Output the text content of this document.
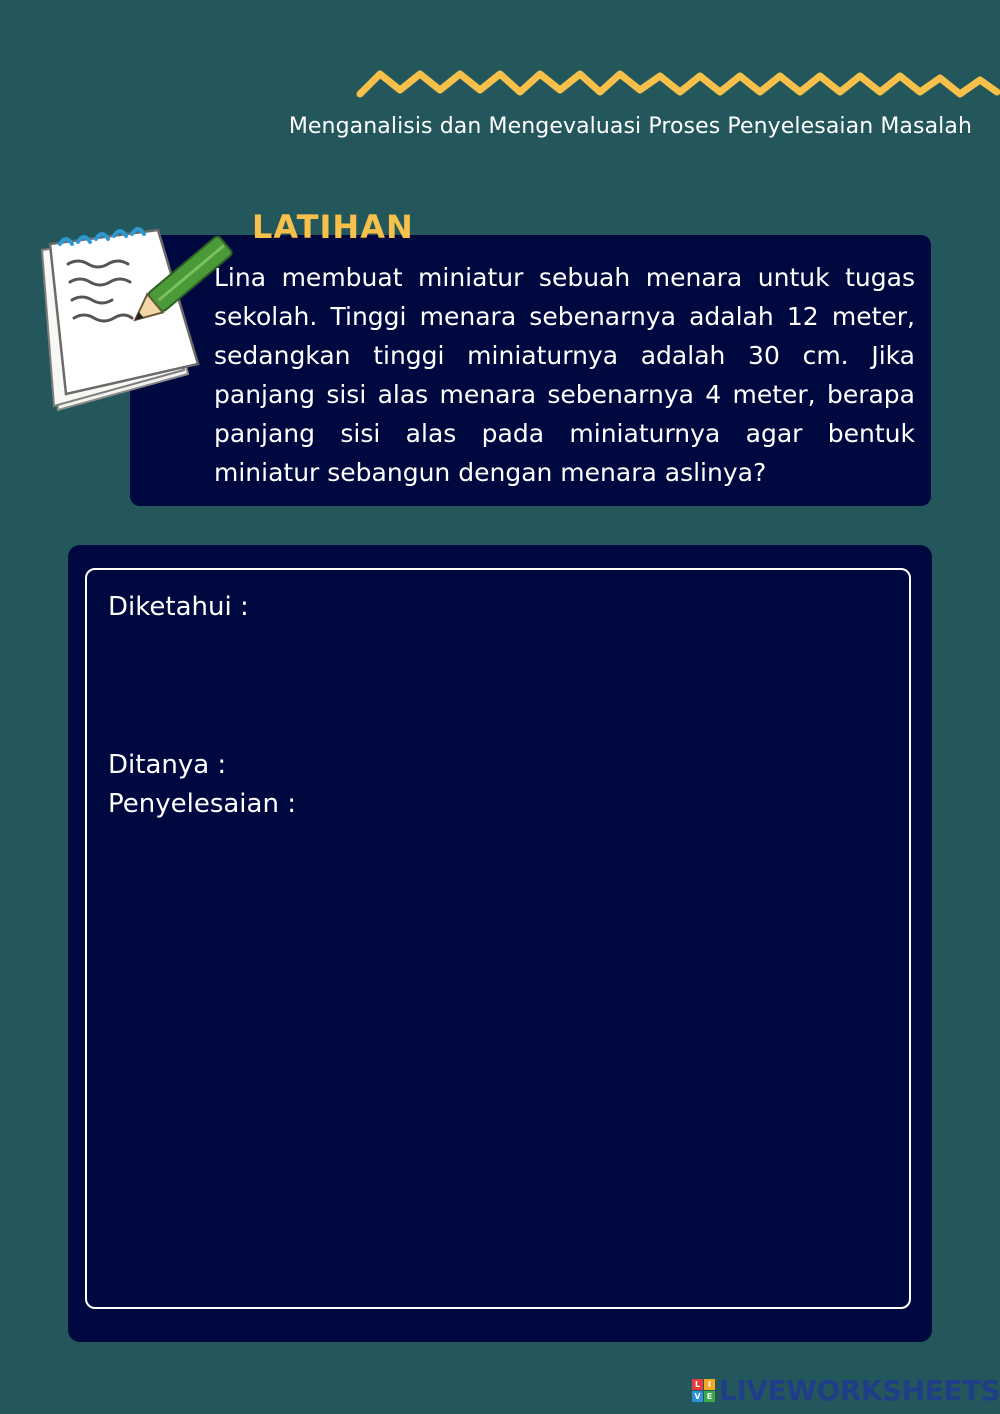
Menganalisis dan Mengevaluasi Proses Penyelesaian Masalah
Lina membuat miniatur sebuah menara untuk tugas sekolah. Tinggi menara sebenarnya adalah 12 meter, sedangkan tinggi miniaturnya adalah 30 cm. Jika panjang sisi alas menara sebenarnya 4 meter, berapa panjang sisi alas pada miniaturnya agar bentuk miniatur sebangun dengan menara aslinya?
LATIHAN
Diketahui :
Ditanya :
Penyelesaian :
L I
V E LIVEWORKSHEETS
